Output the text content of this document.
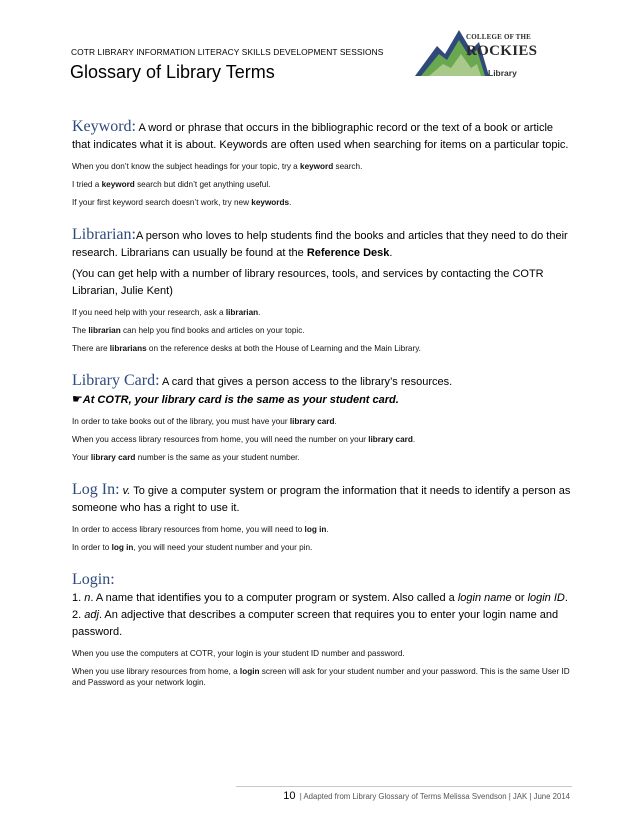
COTR LIBRARY INFORMATION LITERACY SKILLS DEVELOPMENT SESSIONS
Glossary of Library Terms
COLLEGE OF THE
ROCKIES
Library
Keyword: A word or phrase that occurs in the bibliographic record or the text of a book or article that indicates what it is about. Keywords are often used when searching for items on a particular topic.
When you don’t know the subject headings for your topic, try a keyword search.
I tried a keyword search but didn’t get anything useful.
If your first keyword search doesn’t work, try new keywords.
Librarian:A person who loves to help students find the books and articles that they need to do their research. Librarians can usually be found at the Reference Desk.
(You can get help with a number of library resources, tools, and services by contacting the COTR Librarian, Julie Kent)
If you need help with your research, ask a librarian.
The librarian can help you find books and articles on your topic.
There are librarians on the reference desks at both the House of Learning and the Main Library.
Library Card: A card that gives a person access to the library’s resources.
☛At COTR, your library card is the same as your student card.
In order to take books out of the library, you must have your library card.
When you access library resources from home, you will need the number on your library card.
Your library card number is the same as your student number.
Log In: v. To give a computer system or program the information that it needs to identify a person as someone who has a right to use it.
In order to access library resources from home, you will need to log in.
In order to log in, you will need your student number and your pin.
Login:
1. n. A name that identifies you to a computer program or system. Also called a login name or login ID.
2. adj. An adjective that describes a computer screen that requires you to enter your login name and password.
When you use the computers at COTR, your login is your student ID number and password.
When you use library resources from home, a login screen will ask for your student number and your password. This is the same User ID and Password as your network login.
10 | Adapted from Library Glossary of Terms Melissa Svendson | JAK | June 2014
